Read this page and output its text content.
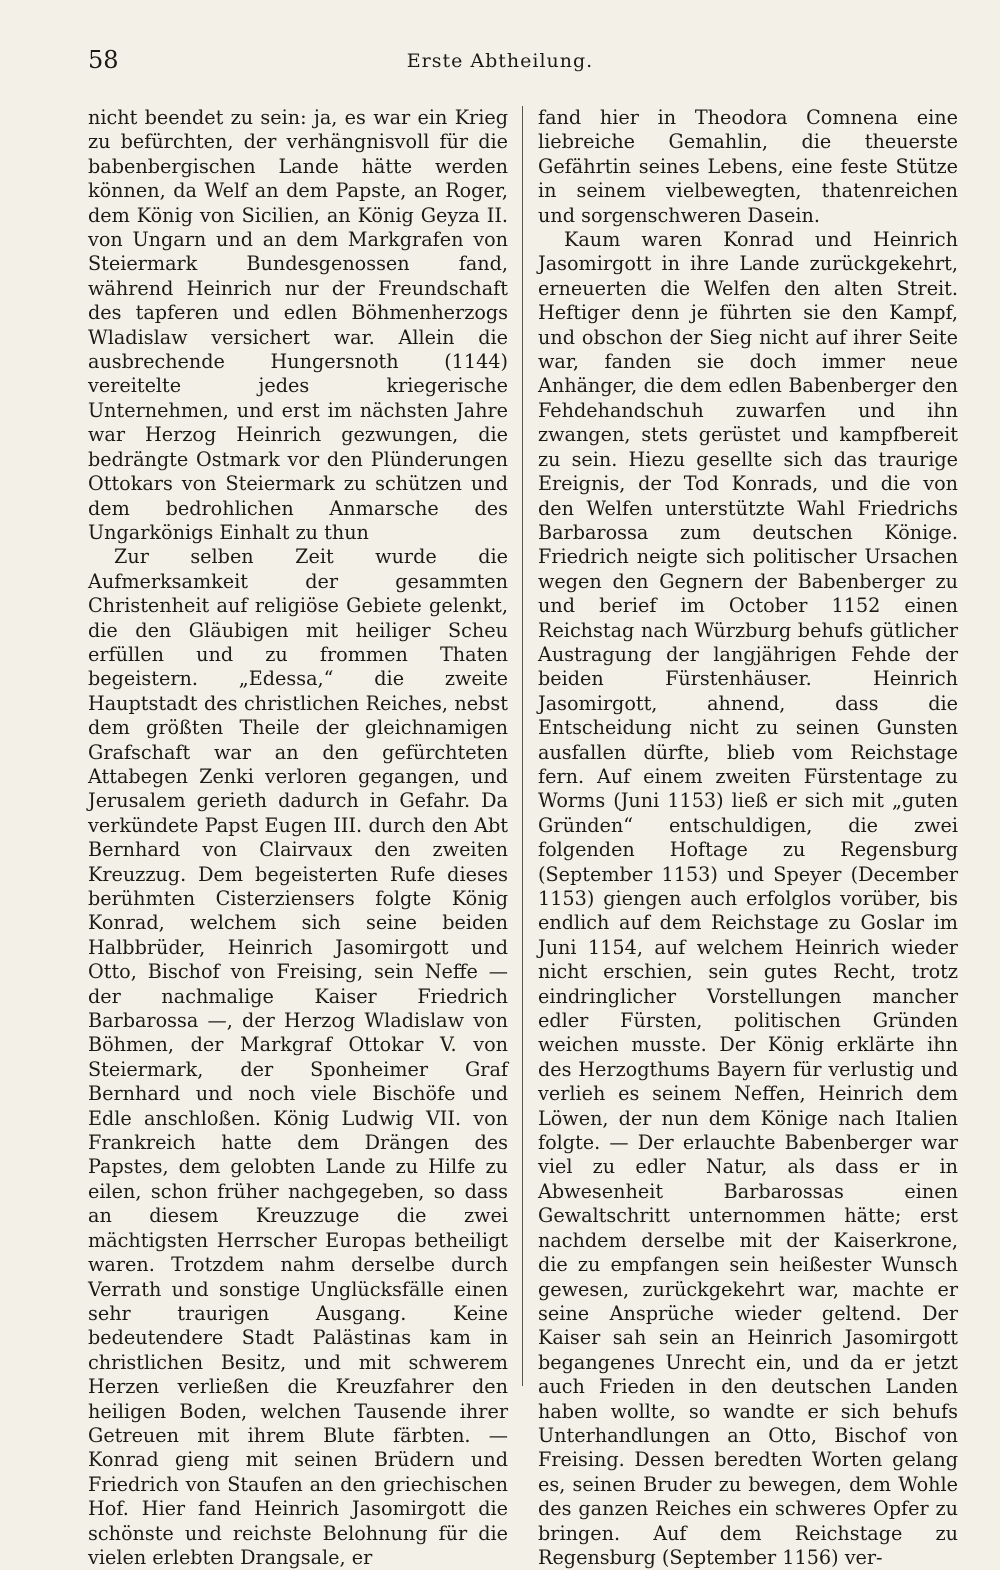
58	Erste Abtheilung.

nicht beendet zu sein: ja, es war ein Krieg zu befürchten, der verhängnisvoll für die babenbergischen Lande hätte werden können, da Welf an dem Papste, an Roger, dem König von Sicilien, an König Geyza II. von Ungarn und an dem Markgrafen von Steiermark Bundesgenossen fand, während Heinrich nur der Freundschaft des tapferen und edlen Böhmenherzogs Wladislaw versichert war. Allein die ausbrechende Hungersnoth (1144) vereitelte jedes kriegerische Unternehmen, und erst im nächsten Jahre war Herzog Heinrich gezwungen, die bedrängte Ostmark vor den Plünderungen Ottokars von Steiermark zu schützen und dem bedrohlichen Anmarsche des Ungarkönigs Einhalt zu thun

Zur selben Zeit wurde die Aufmerksamkeit der gesammten Christenheit auf religiöse Gebiete gelenkt, die den Gläubigen mit heiliger Scheu erfüllen und zu frommen Thaten begeistern. „Edessa,“ die zweite Hauptstadt des christlichen Reiches, nebst dem größten Theile der gleichnamigen Grafschaft war an den gefürchteten Attabegen Zenki verloren gegangen, und Jerusalem gerieth dadurch in Gefahr. Da verkündete Papst Eugen III. durch den Abt Bernhard von Clairvaux den zweiten Kreuzzug. Dem begeisterten Rufe dieses berühmten Cisterziensers folgte König Konrad, welchem sich seine beiden Halbbrüder, Heinrich Jasomirgott und Otto, Bischof von Freising, sein Neffe — der nachmalige Kaiser Friedrich Barbarossa —, der Herzog Wladislaw von Böhmen, der Markgraf Ottokar V. von Steiermark, der Sponheimer Graf Bernhard und noch viele Bischöfe und Edle anschloßen. König Ludwig VII. von Frankreich hatte dem Drängen des Papstes, dem gelobten Lande zu Hilfe zu eilen, schon früher nachgegeben, so dass an diesem Kreuzzuge die zwei mächtigsten Herrscher Europas betheiligt waren. Trotzdem nahm derselbe durch Verrath und sonstige Unglücksfälle einen sehr traurigen Ausgang. Keine bedeutendere Stadt Palästinas kam in christlichen Besitz, und mit schwerem Herzen verließen die Kreuzfahrer den heiligen Boden, welchen Tausende ihrer Getreuen mit ihrem Blute färbten. — Konrad gieng mit seinen Brüdern und Friedrich von Staufen an den griechischen Hof. Hier fand Heinrich Jasomirgott die schönste und reichste Belohnung für die vielen erlebten Drangsale, er

fand hier in Theodora Comnena eine liebreiche Gemahlin, die theuerste Gefährtin seines Lebens, eine feste Stütze in seinem vielbewegten, thatenreichen und sorgenschweren Dasein.

Kaum waren Konrad und Heinrich Jasomirgott in ihre Lande zurückgekehrt, erneuerten die Welfen den alten Streit. Heftiger denn je führten sie den Kampf, und obschon der Sieg nicht auf ihrer Seite war, fanden sie doch immer neue Anhänger, die dem edlen Babenberger den Fehdehandschuh zuwarfen und ihn zwangen, stets gerüstet und kampfbereit zu sein. Hiezu gesellte sich das traurige Ereignis, der Tod Konrads, und die von den Welfen unterstützte Wahl Friedrichs Barbarossa zum deutschen Könige. Friedrich neigte sich politischer Ursachen wegen den Gegnern der Babenberger zu und berief im October 1152 einen Reichstag nach Würzburg behufs gütlicher Austragung der langjährigen Fehde der beiden Fürstenhäuser. Heinrich Jasomirgott, ahnend, dass die Entscheidung nicht zu seinen Gunsten ausfallen dürfte, blieb vom Reichstage fern. Auf einem zweiten Fürstentage zu Worms (Juni 1153) ließ er sich mit „guten Gründen“ entschuldigen, die zwei folgenden Hoftage zu Regensburg (September 1153) und Speyer (December 1153) giengen auch erfolglos vorüber, bis endlich auf dem Reichstage zu Goslar im Juni 1154, auf welchem Heinrich wieder nicht erschien, sein gutes Recht, trotz eindringlicher Vorstellungen mancher edler Fürsten, politischen Gründen weichen musste. Der König erklärte ihn des Herzogthums Bayern für verlustig und verlieh es seinem Neffen, Heinrich dem Löwen, der nun dem Könige nach Italien folgte. — Der erlauchte Babenberger war viel zu edler Natur, als dass er in Abwesenheit Barbarossas einen Gewaltschritt unternommen hätte; erst nachdem derselbe mit der Kaiserkrone, die zu empfangen sein heißester Wunsch gewesen, zurückgekehrt war, machte er seine Ansprüche wieder geltend. Der Kaiser sah sein an Heinrich Jasomirgott begangenes Unrecht ein, und da er jetzt auch Frieden in den deutschen Landen haben wollte, so wandte er sich behufs Unterhandlungen an Otto, Bischof von Freising. Dessen beredten Worten gelang es, seinen Bruder zu bewegen, dem Wohle des ganzen Reiches ein schweres Opfer zu bringen. Auf dem Reichstage zu Regensburg (September 1156) ver-
